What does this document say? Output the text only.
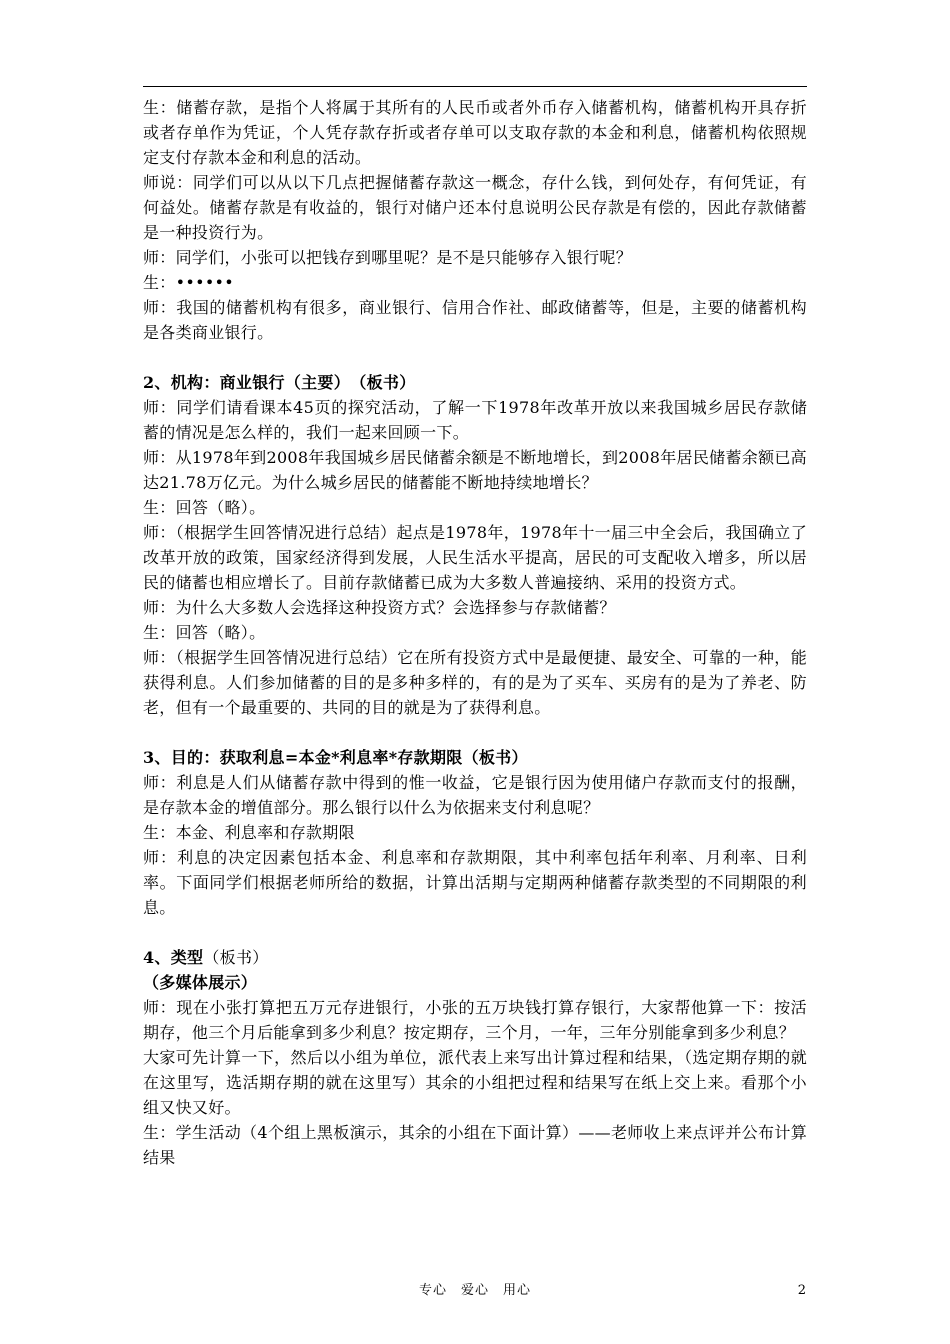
生：储蓄存款，是指个人将属于其所有的人民币或者外币存入储蓄机构，储蓄机构开具存折或者存单作为凭证，个人凭存款存折或者存单可以支取存款的本金和利息，储蓄机构依照规定支付存款本金和利息的活动。

师说：同学们可以从以下几点把握储蓄存款这一概念，存什么钱，到何处存，有何凭证，有何益处。储蓄存款是有收益的，银行对储户还本付息说明公民存款是有偿的，因此存款储蓄是一种投资行为。

师：同学们，小张可以把钱存到哪里呢？是不是只能够存入银行呢？

生：••••••

师：我国的储蓄机构有很多，商业银行、信用合作社、邮政储蓄等，但是，主要的储蓄机构是各类商业银行。

2、机构：商业银行（主要）　（板书）

师：同学们请看课本45页的探究活动，了解一下1978年改革开放以来我国城乡居民存款储蓄的情况是怎么样的，我们一起来回顾一下。

师：从1978年到2008年我国城乡居民储蓄余额是不断地增长，到2008年居民储蓄余额已高达21.78万亿元。为什么城乡居民的储蓄能不断地持续地增长？

生：回答（略）。

师：（根据学生回答情况进行总结）起点是1978年，1978年十一届三中全会后，我国确立了改革开放的政策，国家经济得到发展，人民生活水平提高，居民的可支配收入增多，所以居民的储蓄也相应增长了。目前存款储蓄已成为大多数人普遍接纳、采用的投资方式。

师：为什么大多数人会选择这种投资方式？会选择参与存款储蓄？

生：回答（略）。

师：（根据学生回答情况进行总结）它在所有投资方式中是最便捷、最安全、可靠的一种，能获得利息。人们参加储蓄的目的是多种多样的，有的是为了买车、买房有的是为了养老、防老，但有一个最重要的、共同的目的就是为了获得利息。

3、目的：获取利息=本金*利息率*存款期限（板书）

师：利息是人们从储蓄存款中得到的惟一收益，它是银行因为使用储户存款而支付的报酬，是存款本金的增值部分。那么银行以什么为依据来支付利息呢？

生：本金、利息率和存款期限

师：利息的决定因素包括本金、利息率和存款期限，其中利率包括年利率、月利率、日利率。下面同学们根据老师所给的数据，计算出活期与定期两种储蓄存款类型的不同期限的利息。

4、类型（板书）

（多媒体展示）

师：现在小张打算把五万元存进银行，小张的五万块钱打算存银行，大家帮他算一下：按活期存，他三个月后能拿到多少利息？按定期存，三个月，一年，三年分别能拿到多少利息？

大家可先计算一下，然后以小组为单位，派代表上来写出计算过程和结果，（选定期存期的就在这里写，选活期存期的就在这里写）其余的小组把过程和结果写在纸上交上来。看那个小组又快又好。

生：学生活动（4个组上黑板演示，其余的小组在下面计算）——老师收上来点评并公布计算结果

专心　爱心　用心	2
